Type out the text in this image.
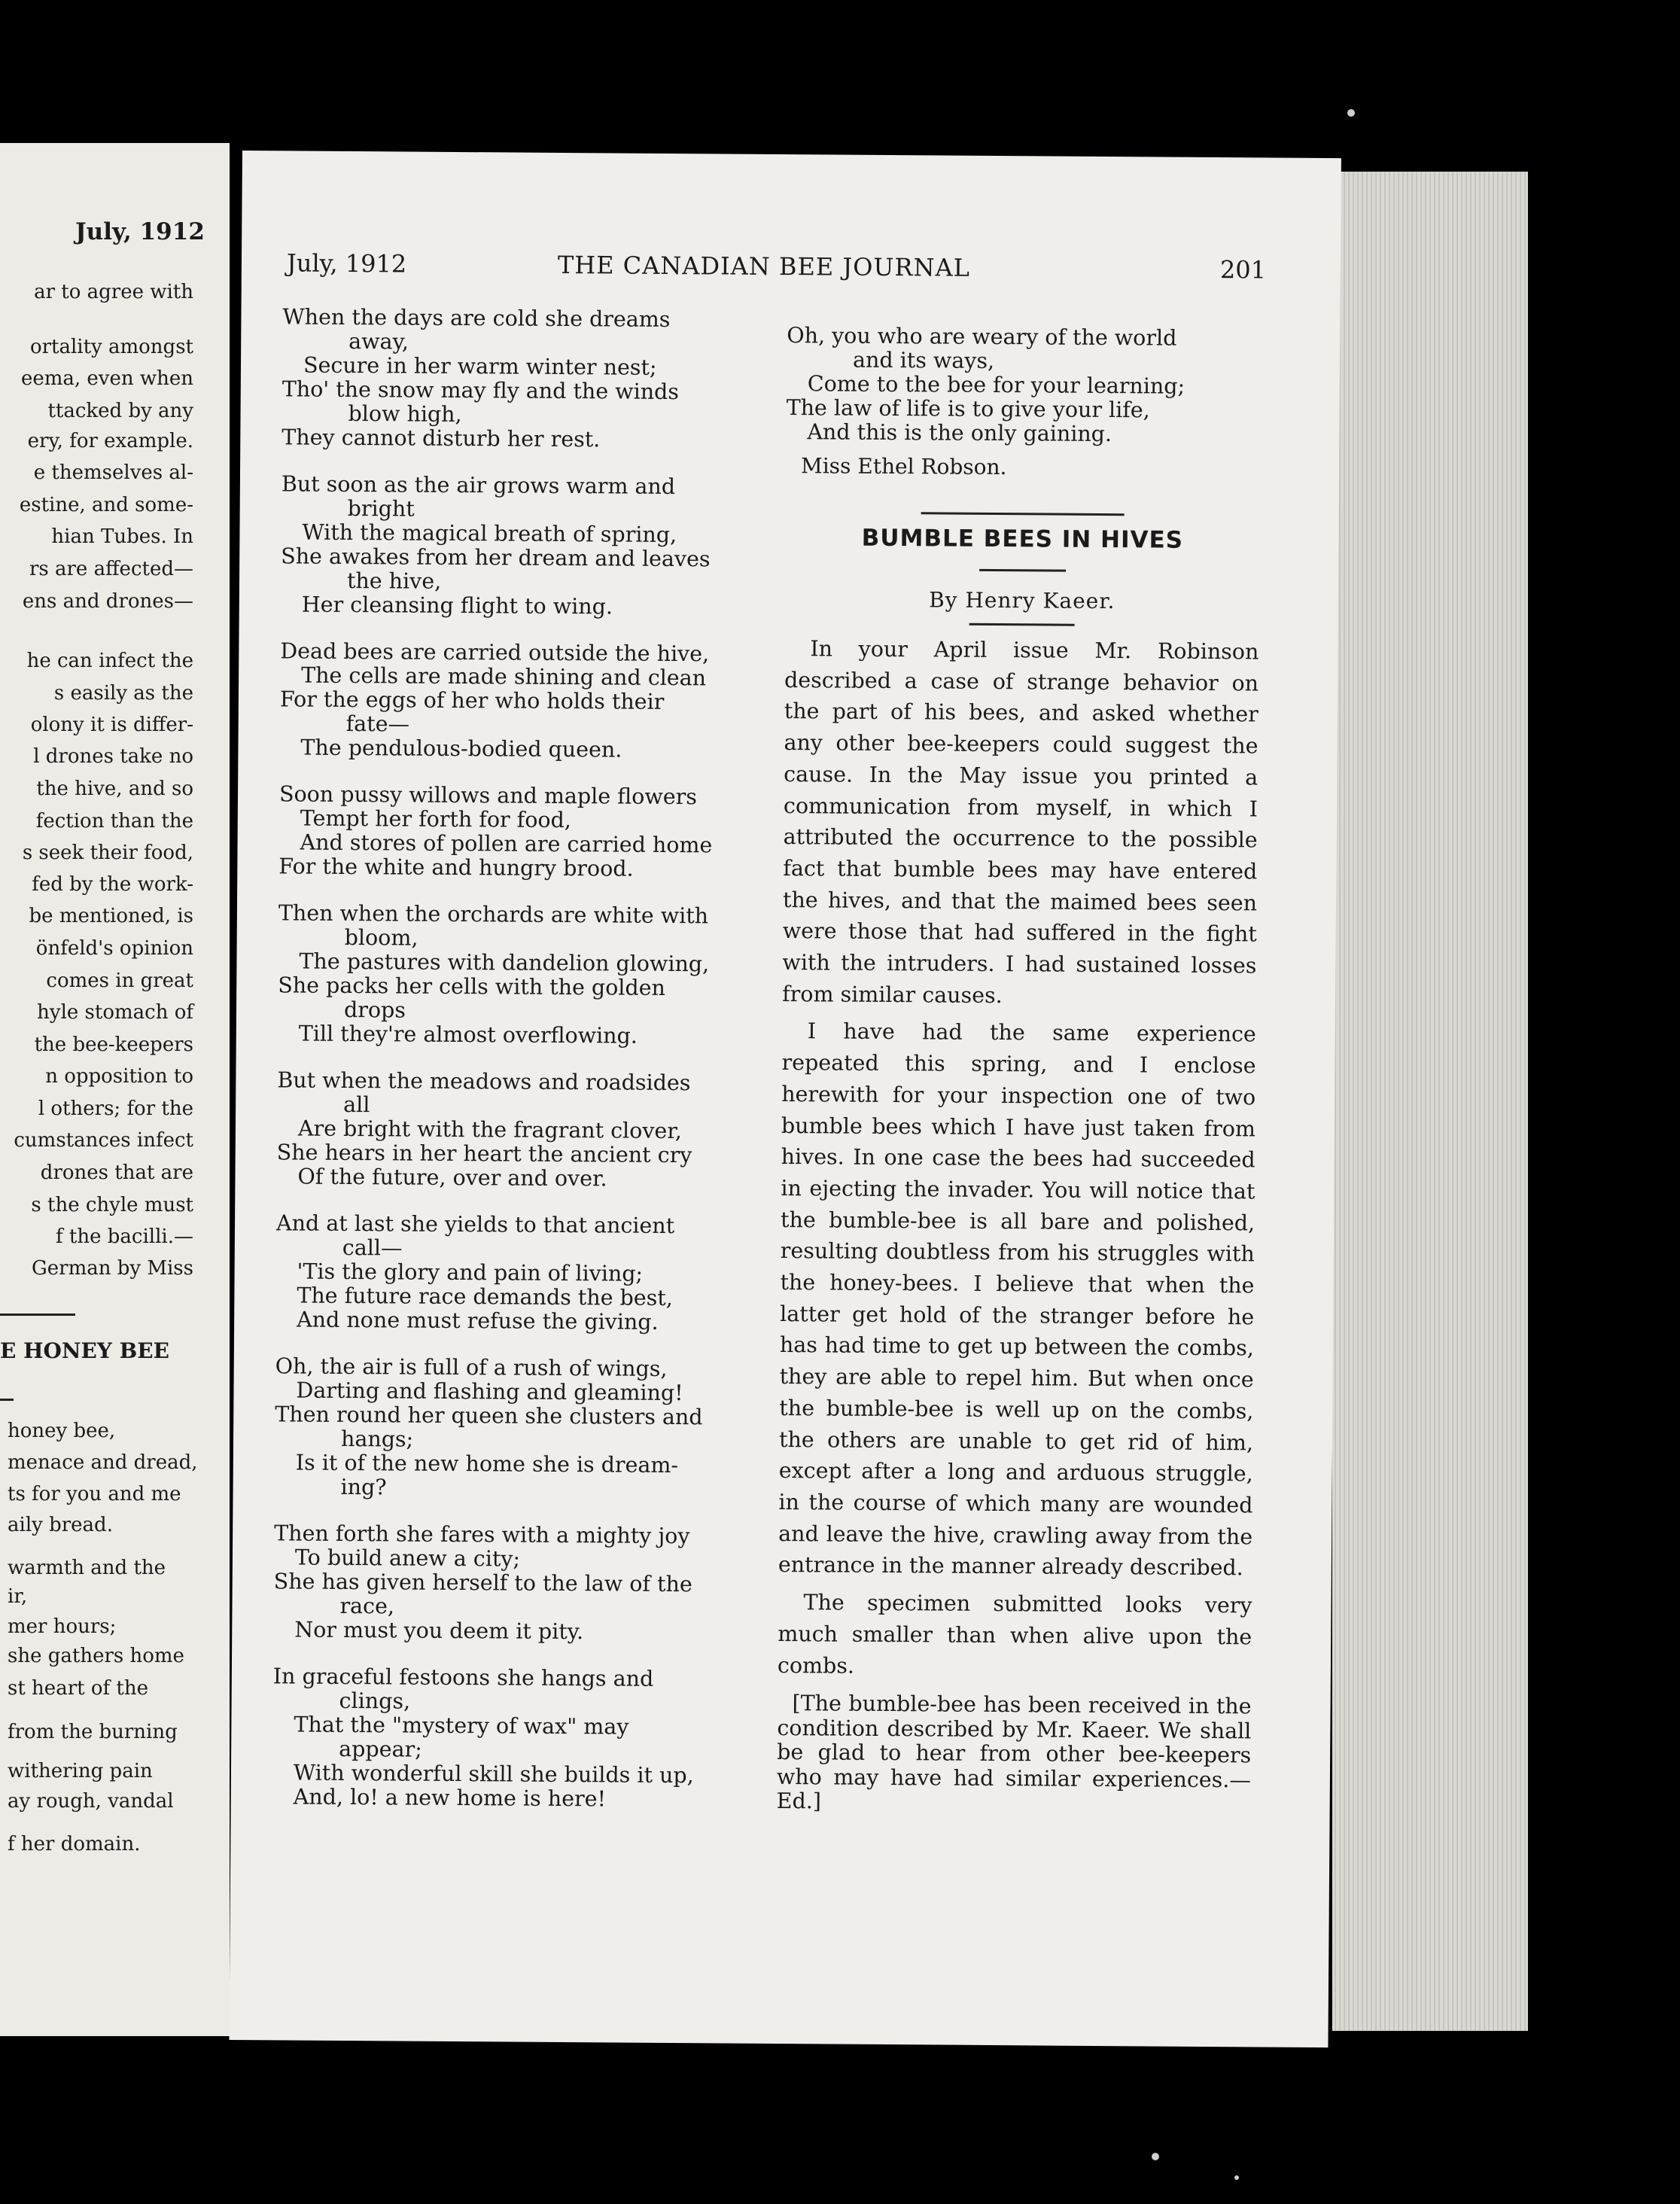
July, 1912
ar to agree with
ortality amongst
eema, even when
ttacked by any
ery, for example.
e themselves al-
estine, and some-
hian Tubes. In
rs are affected—
ens and drones—
he can infect the
s easily as the
olony it is differ-
l drones take no
the hive, and so
fection than the
s seek their food,
fed by the work-
be mentioned, is
önfeld's opinion
comes in great
hyle stomach of
the bee-keepers
n opposition to
l others; for the
cumstances infect
drones that are
s the chyle must
f the bacilli.—
German by Miss
honey bee,
menace and dread,
ts for you and me
aily bread.
warmth and the
ir,
mer hours;
she gathers home
st heart of the
from the burning
withering pain
ay rough, vandal
f her domain.
E HONEY BEE
July, 1912	THE CANADIAN BEE JOURNAL	201
When the days are cold she dreams
away,
Secure in her warm winter nest;
Tho' the snow may fly and the winds
blow high,
They cannot disturb her rest.
But soon as the air grows warm and
bright
With the magical breath of spring,
She awakes from her dream and leaves
the hive,
Her cleansing flight to wing.
Dead bees are carried outside the hive,
The cells are made shining and clean
For the eggs of her who holds their
fate—
The pendulous-bodied queen.
Soon pussy willows and maple flowers
Tempt her forth for food,
And stores of pollen are carried home
For the white and hungry brood.
Then when the orchards are white with
bloom,
The pastures with dandelion glowing,
She packs her cells with the golden
drops
Till they're almost overflowing.
But when the meadows and roadsides
all
Are bright with the fragrant clover,
She hears in her heart the ancient cry
Of the future, over and over.
And at last she yields to that ancient
call—
'Tis the glory and pain of living;
The future race demands the best,
And none must refuse the giving.
Oh, the air is full of a rush of wings,
Darting and flashing and gleaming!
Then round her queen she clusters and
hangs;
Is it of the new home she is dream-
ing?
Then forth she fares with a mighty joy
To build anew a city;
She has given herself to the law of the
race,
Nor must you deem it pity.
In graceful festoons she hangs and
clings,
That the "mystery of wax" may
appear;
With wonderful skill she builds it up,
And, lo! a new home is here!
Oh, you who are weary of the world
and its ways,
Come to the bee for your learning;
The law of life is to give your life,
And this is the only gaining.
Miss Ethel Robson.
BUMBLE BEES IN HIVES
By Henry Kaeer.

In your April issue Mr. Robinson described a case of strange behavior on the part of his bees, and asked whether any other bee-keepers could suggest the cause. In the May issue you printed a communication from myself, in which I attributed the occurrence to the possible fact that bumble bees may have entered the hives, and that the maimed bees seen were those that had suffered in the fight with the intruders. I had sustained losses from similar causes.

I have had the same experience repeated this spring, and I enclose herewith for your inspection one of two bumble bees which I have just taken from hives. In one case the bees had succeeded in ejecting the invader. You will notice that the bumble-bee is all bare and polished, resulting doubtless from his struggles with the honey-bees. I believe that when the latter get hold of the stranger before he has had time to get up between the combs, they are able to repel him. But when once the bumble-bee is well up on the combs, the others are unable to get rid of him, except after a long and arduous struggle, in the course of which many are wounded and leave the hive, crawling away from the entrance in the manner already described.

The specimen submitted looks very much smaller than when alive upon the combs.

[The bumble-bee has been received in the condition described by Mr. Kaeer. We shall be glad to hear from other bee-keepers who may have had similar experiences.—Ed.]
